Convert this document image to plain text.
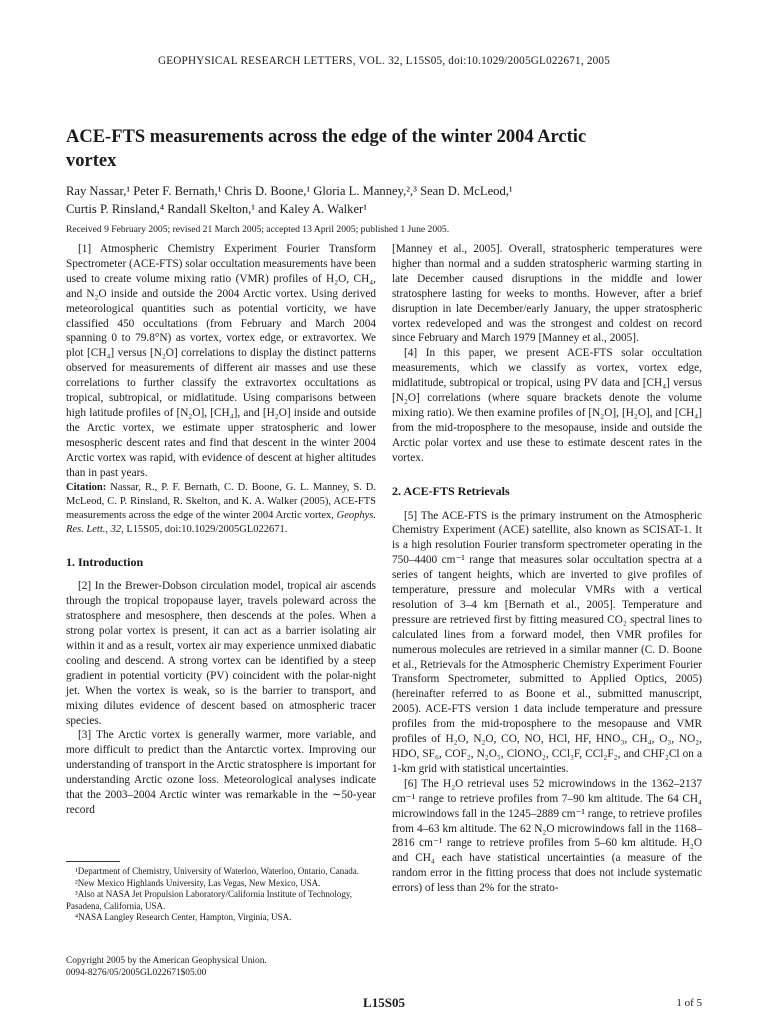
GEOPHYSICAL RESEARCH LETTERS, VOL. 32, L15S05, doi:10.1029/2005GL022671, 2005
ACE-FTS measurements across the edge of the winter 2004 Arctic vortex
Ray Nassar,¹ Peter F. Bernath,¹ Chris D. Boone,¹ Gloria L. Manney,²,³ Sean D. McLeod,¹
Curtis P. Rinsland,⁴ Randall Skelton,¹ and Kaley A. Walker¹
Received 9 February 2005; revised 21 March 2005; accepted 13 April 2005; published 1 June 2005.

[1] Atmospheric Chemistry Experiment Fourier Transform Spectrometer (ACE-FTS) solar occultation measurements have been used to create volume mixing ratio (VMR) profiles of H₂O, CH₄, and N₂O inside and outside the 2004 Arctic vortex. Using derived meteorological quantities such as potential vorticity, we have classified 450 occultations (from February and March 2004 spanning 0 to 79.8°N) as vortex, vortex edge, or extravortex. We plot [CH₄] versus [N₂O] correlations to display the distinct patterns observed for measurements of different air masses and use these correlations to further classify the extravortex occultations as tropical, subtropical, or midlatitude. Using comparisons between high latitude profiles of [N₂O], [CH₄], and [H₂O] inside and outside the Arctic vortex, we estimate upper stratospheric and lower mesospheric descent rates and find that descent in the winter 2004 Arctic vortex was rapid, with evidence of descent at higher altitudes than in past years.

Citation: Nassar, R., P. F. Bernath, C. D. Boone, G. L. Manney, S. D. McLeod, C. P. Rinsland, R. Skelton, and K. A. Walker (2005), ACE-FTS measurements across the edge of the winter 2004 Arctic vortex, Geophys. Res. Lett., 32, L15S05, doi:10.1029/2005GL022671.

1. Introduction

[2] In the Brewer-Dobson circulation model, tropical air ascends through the tropical tropopause layer, travels poleward across the stratosphere and mesosphere, then descends at the poles. When a strong polar vortex is present, it can act as a barrier isolating air within it and as a result, vortex air may experience unmixed diabatic cooling and descend. A strong vortex can be identified by a steep gradient in potential vorticity (PV) coincident with the polar-night jet. When the vortex is weak, so is the barrier to transport, and mixing dilutes evidence of descent based on atmospheric tracer species.

[3] The Arctic vortex is generally warmer, more variable, and more difficult to predict than the Antarctic vortex. Improving our understanding of transport in the Arctic stratosphere is important for understanding Arctic ozone loss. Meteorological analyses indicate that the 2003–2004 Arctic winter was remarkable in the ∼50-year record

[Manney et al., 2005]. Overall, stratospheric temperatures were higher than normal and a sudden stratospheric warming starting in late December caused disruptions in the middle and lower stratosphere lasting for weeks to months. However, after a brief disruption in late December/early January, the upper stratospheric vortex redeveloped and was the strongest and coldest on record since February and March 1979 [Manney et al., 2005].

[4] In this paper, we present ACE-FTS solar occultation measurements, which we classify as vortex, vortex edge, midlatitude, subtropical or tropical, using PV data and [CH₄] versus [N₂O] correlations (where square brackets denote the volume mixing ratio). We then examine profiles of [N₂O], [H₂O], and [CH₄] from the mid-troposphere to the mesopause, inside and outside the Arctic polar vortex and use these to estimate descent rates in the vortex.

2. ACE-FTS Retrievals

[5] The ACE-FTS is the primary instrument on the Atmospheric Chemistry Experiment (ACE) satellite, also known as SCISAT-1. It is a high resolution Fourier transform spectrometer operating in the 750–4400 cm⁻¹ range that measures solar occultation spectra at a series of tangent heights, which are inverted to give profiles of temperature, pressure and molecular VMRs with a vertical resolution of 3–4 km [Bernath et al., 2005]. Temperature and pressure are retrieved first by fitting measured CO₂ spectral lines to calculated lines from a forward model, then VMR profiles for numerous molecules are retrieved in a similar manner (C. D. Boone et al., Retrievals for the Atmospheric Chemistry Experiment Fourier Transform Spectrometer, submitted to Applied Optics, 2005) (hereinafter referred to as Boone et al., submitted manuscript, 2005). ACE-FTS version 1 data include temperature and pressure profiles from the mid-troposphere to the mesopause and VMR profiles of H₂O, N₂O, CO, NO, HCl, HF, HNO₃, CH₄, O₃, NO₂, HDO, SF₆, COF₂, N₂O₅, ClONO₂, CCl₃F, CCl₂F₂, and CHF₂Cl on a 1-km grid with statistical uncertainties.

[6] The H₂O retrieval uses 52 microwindows in the 1362–2137 cm⁻¹ range to retrieve profiles from 7–90 km altitude. The 64 CH₄ microwindows fall in the 1245–2889 cm⁻¹ range, to retrieve profiles from 4–63 km altitude. The 62 N₂O microwindows fall in the 1168–2816 cm⁻¹ range to retrieve profiles from 5–60 km altitude. H₂O and CH₄ each have statistical uncertainties (a measure of the random error in the fitting process that does not include systematic errors) of less than 2% for the strato-

¹Department of Chemistry, University of Waterloo, Waterloo, Ontario, Canada.

²New Mexico Highlands University, Las Vegas, New Mexico, USA.

³Also at NASA Jet Propulsion Laboratory/California Institute of Technology, Pasadena, California, USA.

⁴NASA Langley Research Center, Hampton, Virginia, USA.

Copyright 2005 by the American Geophysical Union.
0094-8276/05/2005GL022671$05.00
L15S05	1 of 5
